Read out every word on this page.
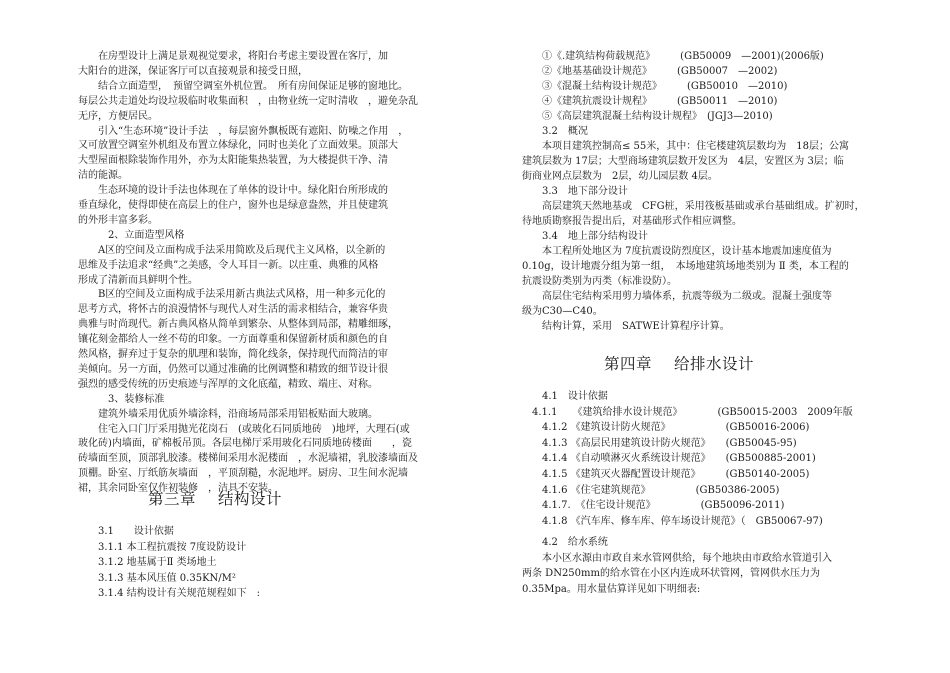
　　在房型设计上满足景观视觉要求，将阳台考虑主要设置在客厅，加
大阳台的进深，保证客厅可以直接观景和接受日照，
　　结合立面造型，　预留空调室外机位置。　所有房间保证足够的窗地比。
每层公共走道处均设垃圾临时收集面积　，由物业统一定时清收　，避免杂乱
无序，方便居民。
　　引入“生态环境”设计手法　，每层窗外飘板既有遮阳、防噪之作用　，
又可放置空调室外机组及布置立体绿化，同时也美化了立面效果。顶部大
大型屋面根除装饰作用外，亦为太阳能集热装置，为大楼提供干净、清
洁的能源。
　　生态环境的设计手法也体现在了单体的设计中。绿化阳台所形成的
垂直绿化，使得即使在高层上的住户，窗外也是绿意盎然，并且使建筑
的外形丰富多彩。
　　　2、立面造型风格
　　A区的空间及立面构成手法采用简欧及后现代主义风格，以全新的
思维及手法追求“经典”之美感，令人耳目一新。以庄重、典雅的风格
形成了清新而具鲜明个性。
　　B区的空间及立面构成手法采用新古典法式风格，用一种多元化的
思考方式，将怀古的浪漫情怀与现代人对生活的需求相结合，兼容华贵
典雅与时尚现代。新古典风格从简单到繁杂、从整体到局部，精雕细琢，
镶花刻金都给人一丝不苟的印象。一方面尊重和保留新材质和颜色的自
然风格，摒弃过于复杂的肌理和装饰，简化线条，保持现代而简洁的审
美倾向。另一方面，仍然可以通过准确的比例调整和精致的细节设计很
强烈的感受传统的历史痕迹与浑厚的文化底蕴，精致、端庄、对称。
　　　3、装修标准
　　建筑外墙采用优质外墙涂料，沿商场局部采用铝板贴面大玻璃。
　　住宅入口门厅采用抛光花岗石　(或玻化石同质地砖　)地坪，大理石(或
玻化砖)内墙面，矿棉板吊顶。各层电梯厅采用玻化石同质地砖楼面　　，瓷
砖墙面至顶，顶部乳胶漆。楼梯间采用水泥楼面　，水泥墙裙，乳胶漆墙面及
顶棚。卧室、厅纸筋灰墙面　，平顶刮糙，水泥地坪。厨房、卫生间水泥墙
裙，其余同卧室仅作初装修　，洁具不安装。
第三章 结构设计
　　3.1　　设计依据
　　3.1.1 本工程抗震按 7度设防设计
　　3.1.2 地基属于Ⅱ 类场地土
　　3.1.3 基本风压值 0.35KN/M²
　　3.1.4 结构设计有关规范规程如下　:
　　①《.建筑结构荷载规范》　　　(GB50009　—2001)(2006版)
　　②《地基基础设计规范》　　　(GB50007　—2002)
　　③《混凝土结构设计规范》　　　(GB50010　—2010)
　　④《建筑抗震设计规程》　　　(GB50011　—2010)
　　⑤《高层建筑混凝土结构设计规程》　(JGJ3—2010)
　　3.2　概况
　　本项目建筑控制高≤ 55米，其中：住宅楼建筑层数均为　18层；公寓
建筑层数为 17层；大型商场建筑层数开发区为　4层，安置区为 3层；临
街商业网点层数为　2层，幼儿园层数 4层。
　　3.3　地下部分设计
　　高层建筑天然地基或　CFG桩，采用筏板基础或承台基础组成。扩初时，
待地质勘察报告提出后，对基础形式作相应调整。
　　3.4　地上部分结构设计
　　本工程所处地区为 7度抗震设防烈度区，设计基本地震加速度值为
0.10g，设计地震分组为第一组，　本场地建筑场地类别为 Ⅱ 类，本工程的
抗震设防类别为丙类（标准设防）。
　　高层住宅结构采用剪力墙体系，抗震等级为二级或。混凝土强度等
级为C30—C40。
　　结构计算，采用　SATWE计算程序计算。
第四章 给排水设计
　　4.1　设计依据
　4.1.1　　《建筑给排水设计规范》　　　　(GB50015-2003　2009年版
　　4.1.2 《建筑设计防火规范》　　　　　　(GB50016-2006)
　　4.1.3 《高层民用建筑设计防火规范》　　(GB50045-95)
　　4.1.4 《自动喷淋灭火系统设计规范》　　(GB500885-2001)
　　4.1.5 《建筑灭火器配置设计规范》　　　(GB50140-2005)
　　4.1.6 《住宅建筑规范》　　　　　(GB50386-2005)
　　4.1.7.　《住宅设计规范》　　　　　(GB50096-2011)
　　4.1.8 《汽车库、修车库、停车场设计规范》（　GB50067-97)
　　4.2　给水系统
　　本小区水源由市政自来水管网供给，每个地块由市政给水管道引入
两条 DN250mm的给水管在小区内连成环状管网，管网供水压力为
0.35Mpa。用水量估算详见如下明细表:
